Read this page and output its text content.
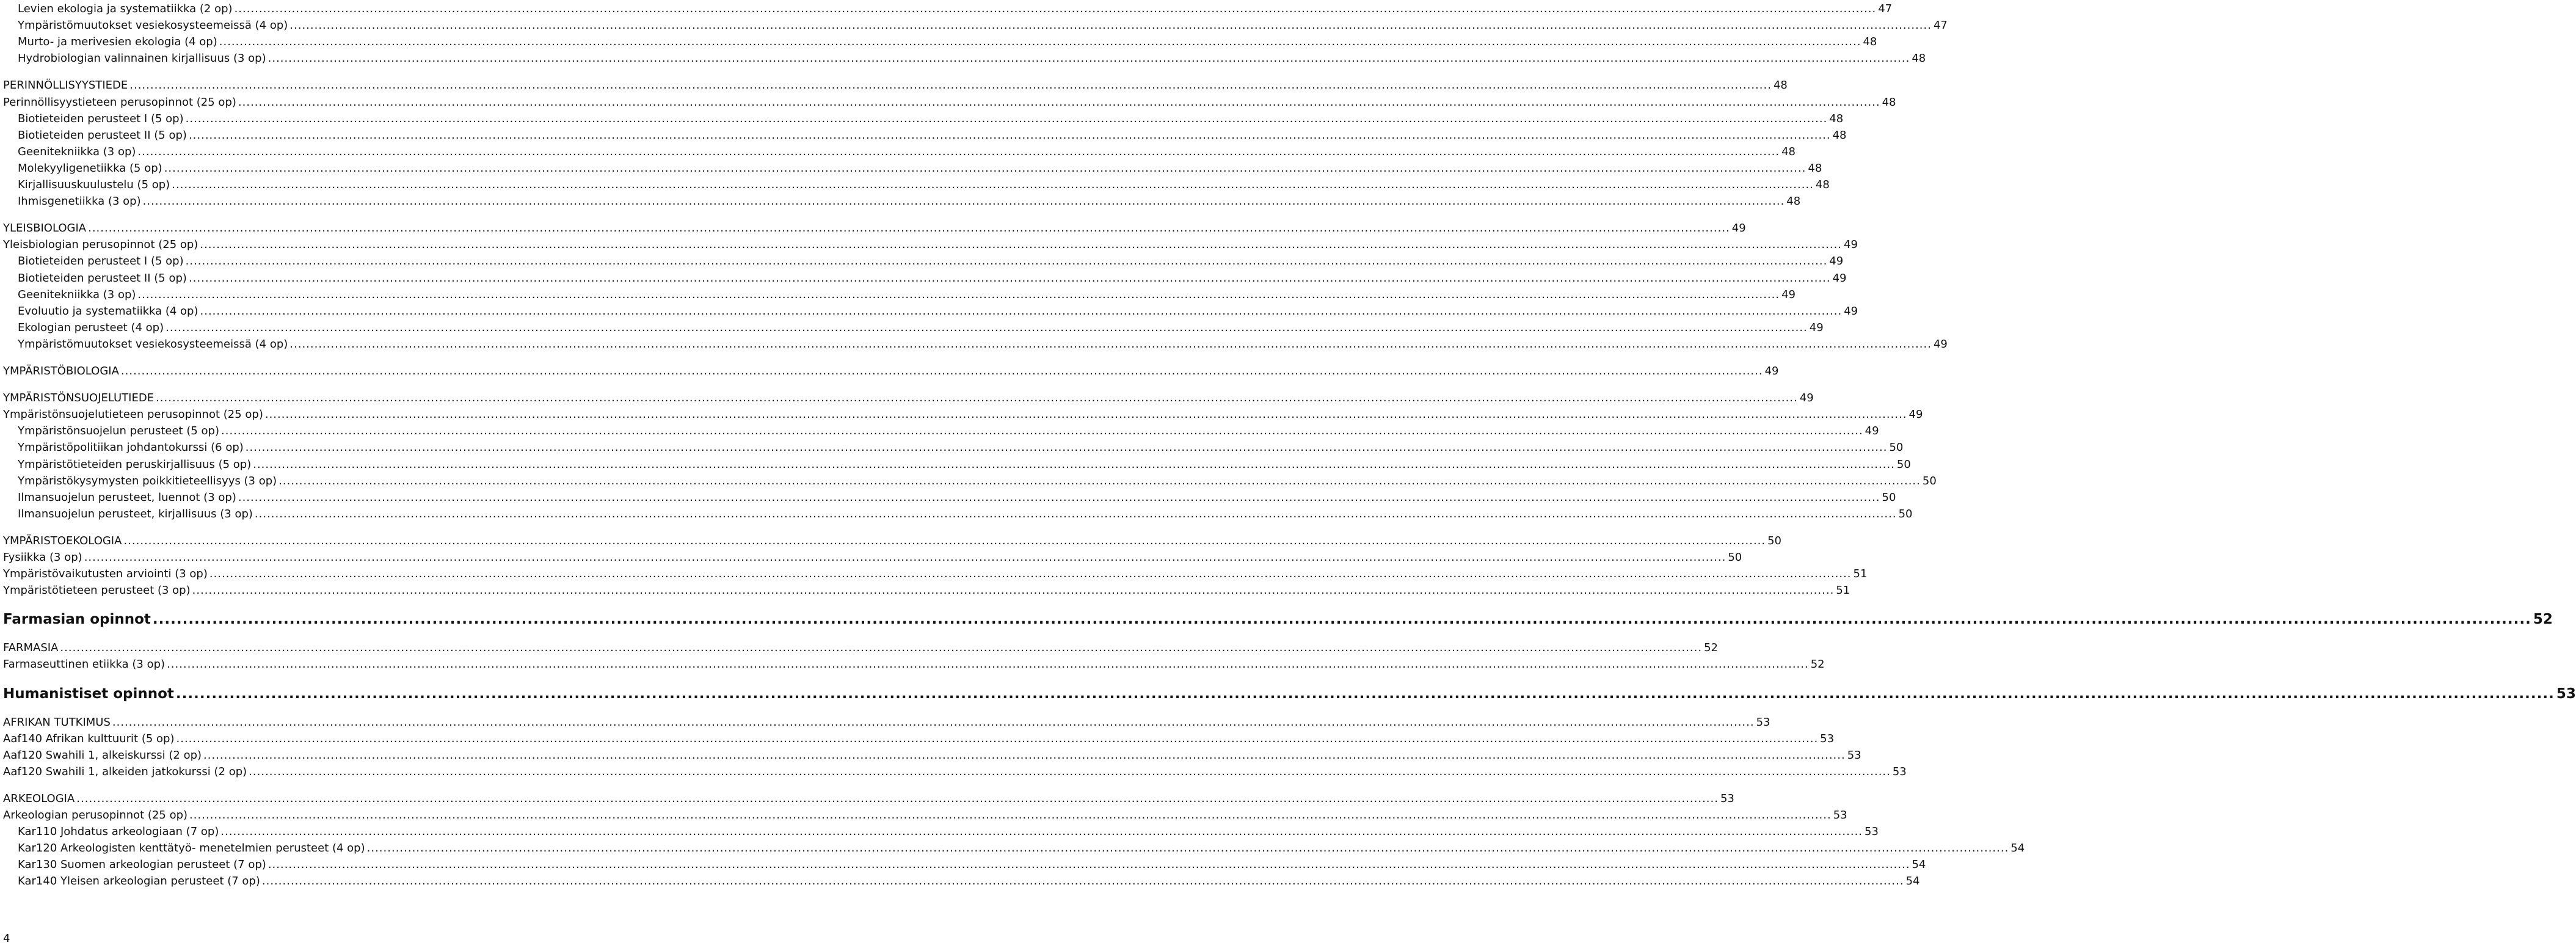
Levien ekologia ja systematiikka (2 op) ................................................................................................................................................................................................................................................................................................................................................................................................................ 47
Ympäristömuutokset vesiekosysteemeissä (4 op) ................................................................................................................................................................................................................................................................................................................................................................................................................ 47
Murto- ja merivesien ekologia (4 op) ................................................................................................................................................................................................................................................................................................................................................................................................................ 48
Hydrobiologian valinnainen kirjallisuus (3 op) ................................................................................................................................................................................................................................................................................................................................................................................................................ 48
PERINNÖLLISYYSTIEDE ................................................................................................................................................................................................................................................................................................................................................................................................................ 48
Perinnöllisyystieteen perusopinnot (25 op) ................................................................................................................................................................................................................................................................................................................................................................................................................ 48
Biotieteiden perusteet I (5 op) ................................................................................................................................................................................................................................................................................................................................................................................................................ 48
Biotieteiden perusteet II (5 op) ................................................................................................................................................................................................................................................................................................................................................................................................................ 48
Geenitekniikka (3 op) ................................................................................................................................................................................................................................................................................................................................................................................................................ 48
Molekyyligenetiikka (5 op) ................................................................................................................................................................................................................................................................................................................................................................................................................ 48
Kirjallisuuskuulustelu (5 op) ................................................................................................................................................................................................................................................................................................................................................................................................................ 48
Ihmisgenetiikka (3 op) ................................................................................................................................................................................................................................................................................................................................................................................................................ 48
YLEISBIOLOGIA ................................................................................................................................................................................................................................................................................................................................................................................................................ 49
Yleisbiologian perusopinnot (25 op) ................................................................................................................................................................................................................................................................................................................................................................................................................ 49
Biotieteiden perusteet I (5 op) ................................................................................................................................................................................................................................................................................................................................................................................................................ 49
Biotieteiden perusteet II (5 op) ................................................................................................................................................................................................................................................................................................................................................................................................................ 49
Geenitekniikka (3 op) ................................................................................................................................................................................................................................................................................................................................................................................................................ 49
Evoluutio ja systematiikka (4 op) ................................................................................................................................................................................................................................................................................................................................................................................................................ 49
Ekologian perusteet (4 op) ................................................................................................................................................................................................................................................................................................................................................................................................................ 49
Ympäristömuutokset vesiekosysteemeissä (4 op) ................................................................................................................................................................................................................................................................................................................................................................................................................ 49
YMPÄRISTÖBIOLOGIA ................................................................................................................................................................................................................................................................................................................................................................................................................ 49
YMPÄRISTÖNSUOJELUTIEDE ................................................................................................................................................................................................................................................................................................................................................................................................................ 49
Ympäristönsuojelutieteen perusopinnot (25 op) ................................................................................................................................................................................................................................................................................................................................................................................................................ 49
Ympäristönsuojelun perusteet (5 op) ................................................................................................................................................................................................................................................................................................................................................................................................................ 49
Ympäristöpolitiikan johdantokurssi (6 op) ................................................................................................................................................................................................................................................................................................................................................................................................................ 50
Ympäristötieteiden peruskirjallisuus (5 op) ................................................................................................................................................................................................................................................................................................................................................................................................................ 50
Ympäristökysymysten poikkitieteellisyys (3 op) ................................................................................................................................................................................................................................................................................................................................................................................................................ 50
Ilmansuojelun perusteet, luennot (3 op) ................................................................................................................................................................................................................................................................................................................................................................................................................ 50
Ilmansuojelun perusteet, kirjallisuus (3 op) ................................................................................................................................................................................................................................................................................................................................................................................................................ 50
YMPÄRISTOEKOLOGIA ................................................................................................................................................................................................................................................................................................................................................................................................................ 50
Fysiikka (3 op) ................................................................................................................................................................................................................................................................................................................................................................................................................ 50
Ympäristövaikutusten arviointi (3 op) ................................................................................................................................................................................................................................................................................................................................................................................................................ 51
Ympäristötieteen perusteet (3 op) ................................................................................................................................................................................................................................................................................................................................................................................................................ 51
Farmasian opinnot ................................................................................................................................................................................................................................................................................................................................................................................................................ 52
FARMASIA ................................................................................................................................................................................................................................................................................................................................................................................................................ 52
Farmaseuttinen etiikka (3 op) ................................................................................................................................................................................................................................................................................................................................................................................................................ 52
Humanistiset opinnot ................................................................................................................................................................................................................................................................................................................................................................................................................ 53
AFRIKAN TUTKIMUS ................................................................................................................................................................................................................................................................................................................................................................................................................ 53
Aaf140 Afrikan kulttuurit (5 op) ................................................................................................................................................................................................................................................................................................................................................................................................................ 53
Aaf120 Swahili 1, alkeiskurssi (2 op) ................................................................................................................................................................................................................................................................................................................................................................................................................ 53
Aaf120 Swahili 1, alkeiden jatkokurssi (2 op) ................................................................................................................................................................................................................................................................................................................................................................................................................ 53
ARKEOLOGIA ................................................................................................................................................................................................................................................................................................................................................................................................................ 53
Arkeologian perusopinnot (25 op) ................................................................................................................................................................................................................................................................................................................................................................................................................ 53
Kar110 Johdatus arkeologiaan (7 op) ................................................................................................................................................................................................................................................................................................................................................................................................................ 53
Kar120 Arkeologisten kenttätyö- menetelmien perusteet (4 op) ................................................................................................................................................................................................................................................................................................................................................................................................................ 54
Kar130 Suomen arkeologian perusteet (7 op) ................................................................................................................................................................................................................................................................................................................................................................................................................ 54
Kar140 Yleisen arkeologian perusteet (7 op) ................................................................................................................................................................................................................................................................................................................................................................................................................ 54
4
